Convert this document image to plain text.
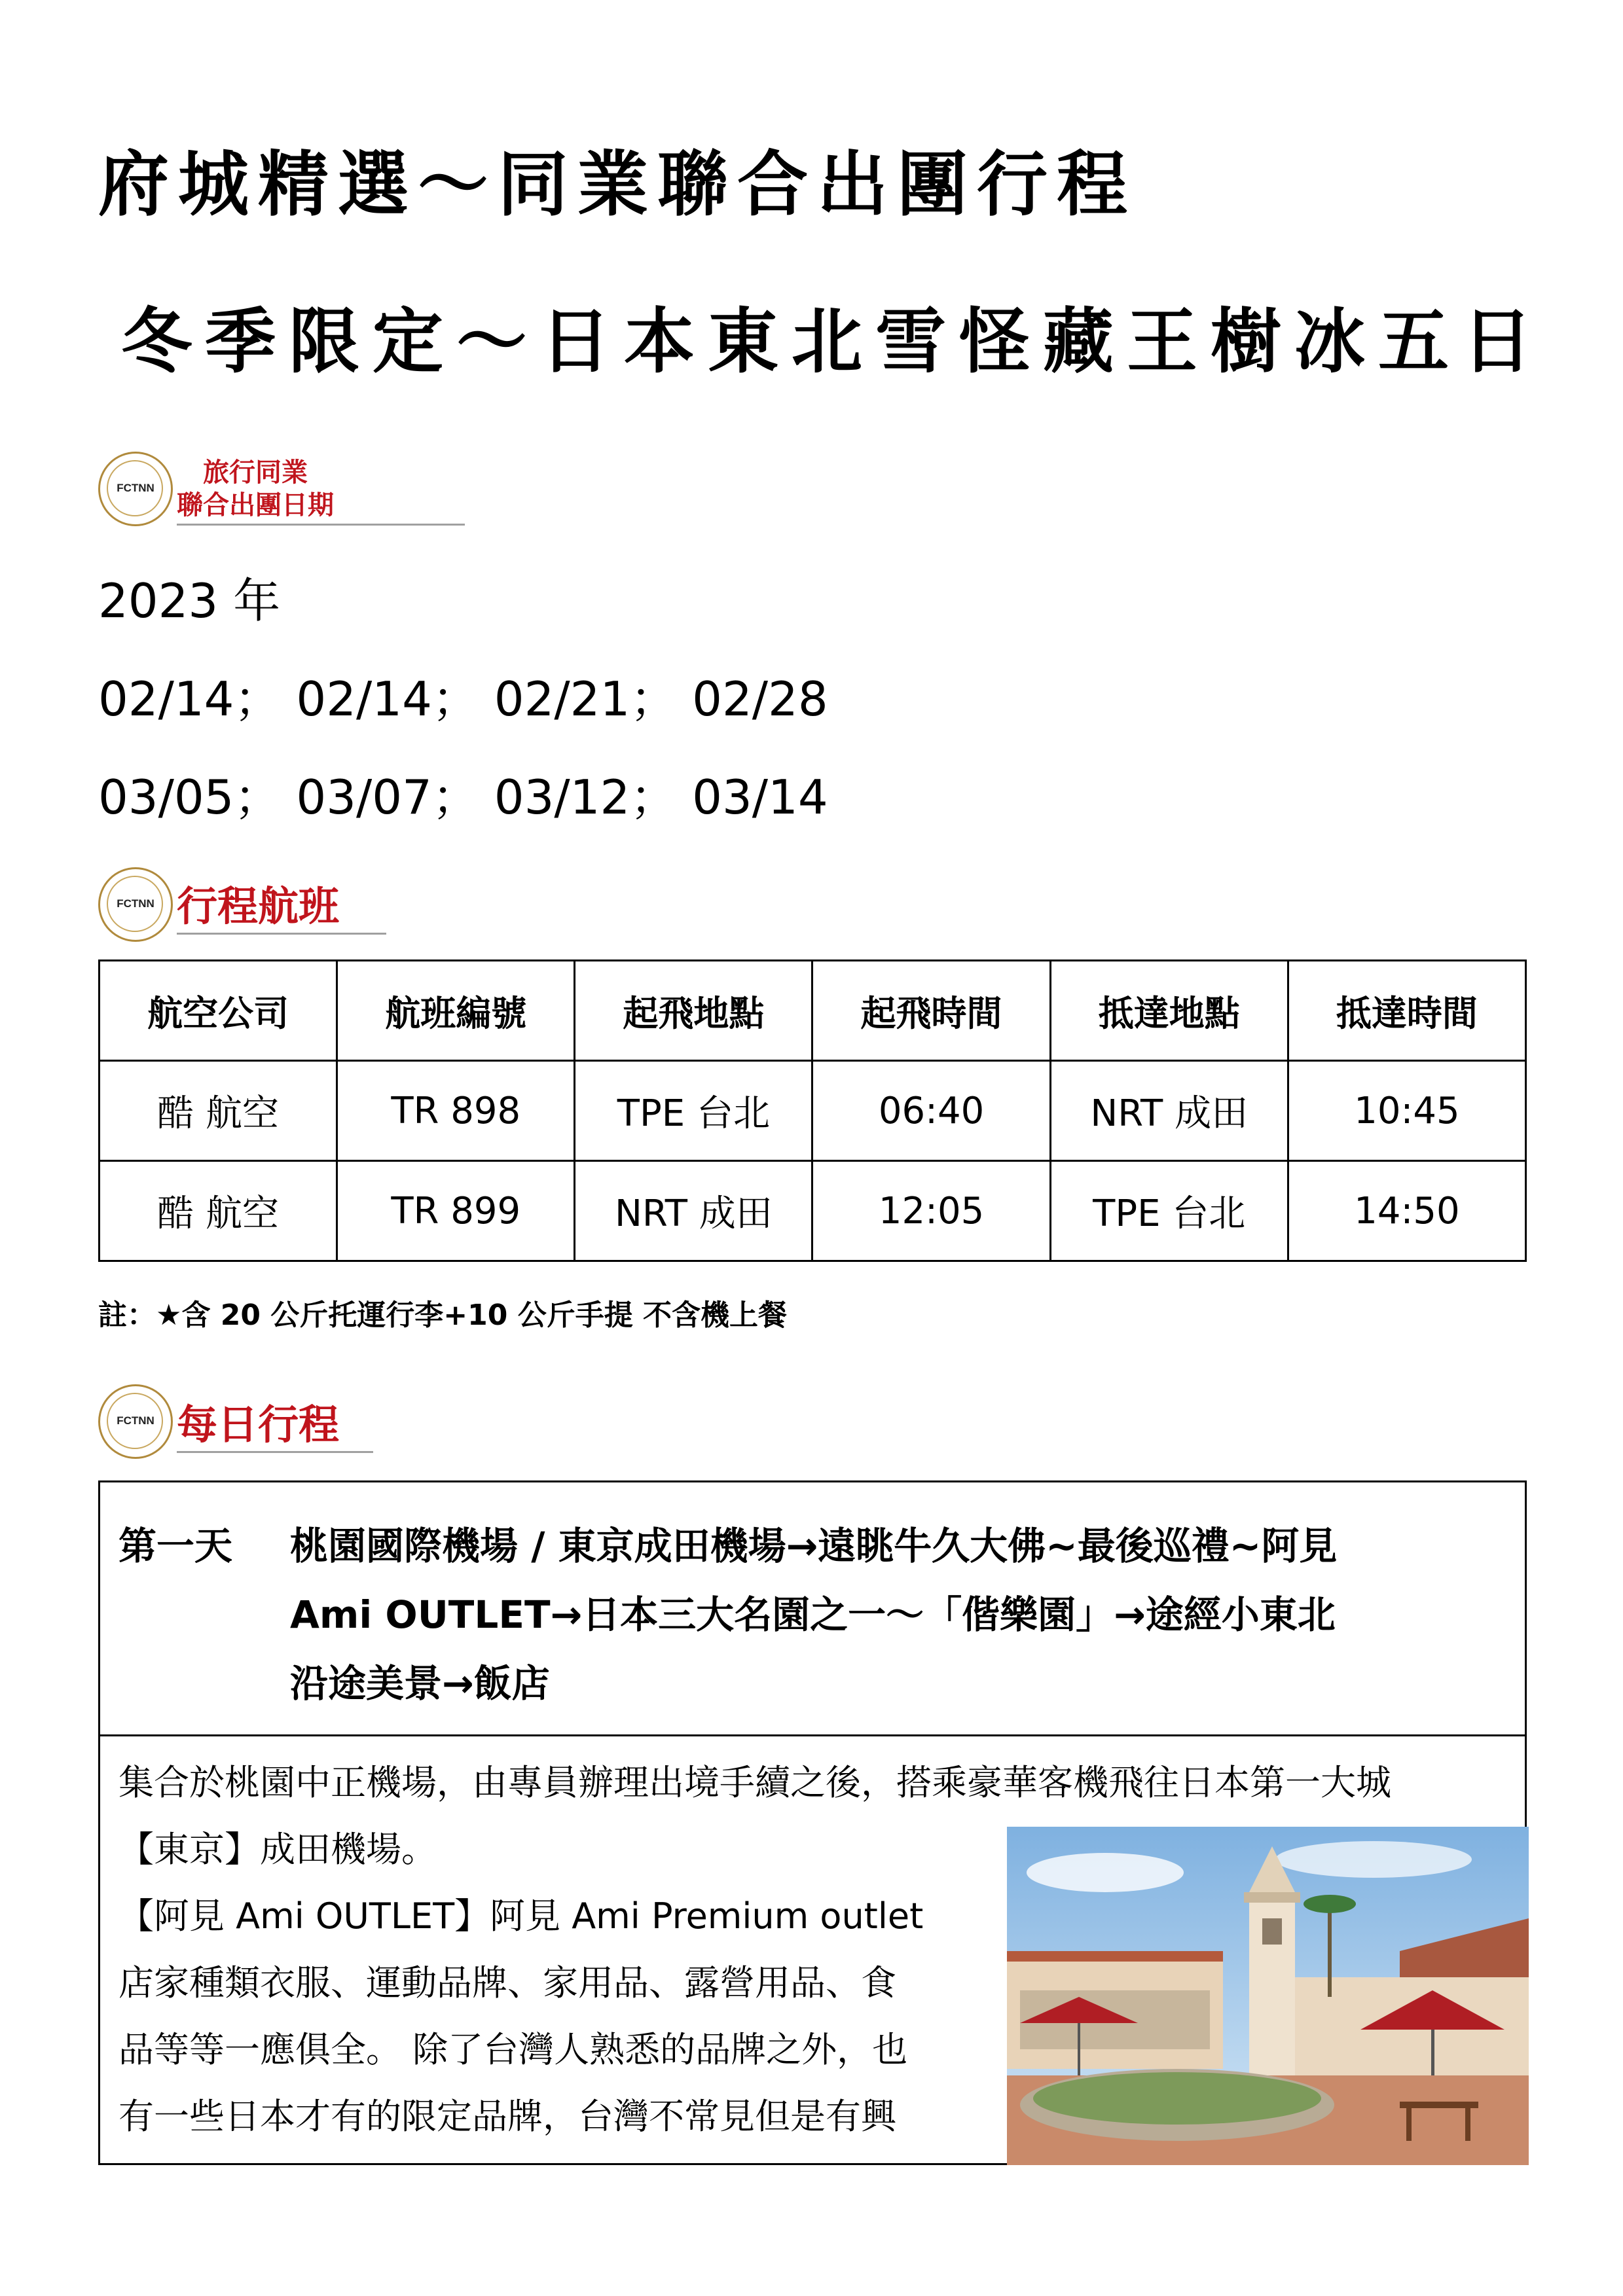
府城精選～同業聯合出團行程
冬季限定～日本東北雪怪藏王樹冰五日
FCTNN
旅行同業
聯合出團日期
2023 年
02/14； 02/14； 02/21； 02/28
03/05； 03/07； 03/12； 03/14
FCTNN 行程航班
航空公司	航班編號	起飛地點	起飛時間	抵達地點	抵達時間
酷 航空	TR 898	TPE 台北	06:40	NRT 成田	10:45
酷 航空	TR 899	NRT 成田	12:05	TPE 台北	14:50
註：★含 20 公斤托運行李+10 公斤手提 不含機上餐
FCTNN 每日行程
第一天 桃園國際機場 / 東京成田機場→遠眺牛久大佛~最後巡禮~阿見
Ami OUTLET→日本三大名園之一～「偕樂園」→途經小東北
沿途美景→飯店
集合於桃園中正機場，由專員辦理出境手續之後，搭乘豪華客機飛往日本第一大城
【東京】成田機場。
【阿見 Ami OUTLET】阿見 Ami Premium outlet
店家種類衣服、運動品牌、家用品、露營用品、食
品等等一應俱全。 除了台灣人熟悉的品牌之外，也
有一些日本才有的限定品牌，台灣不常見但是有興
